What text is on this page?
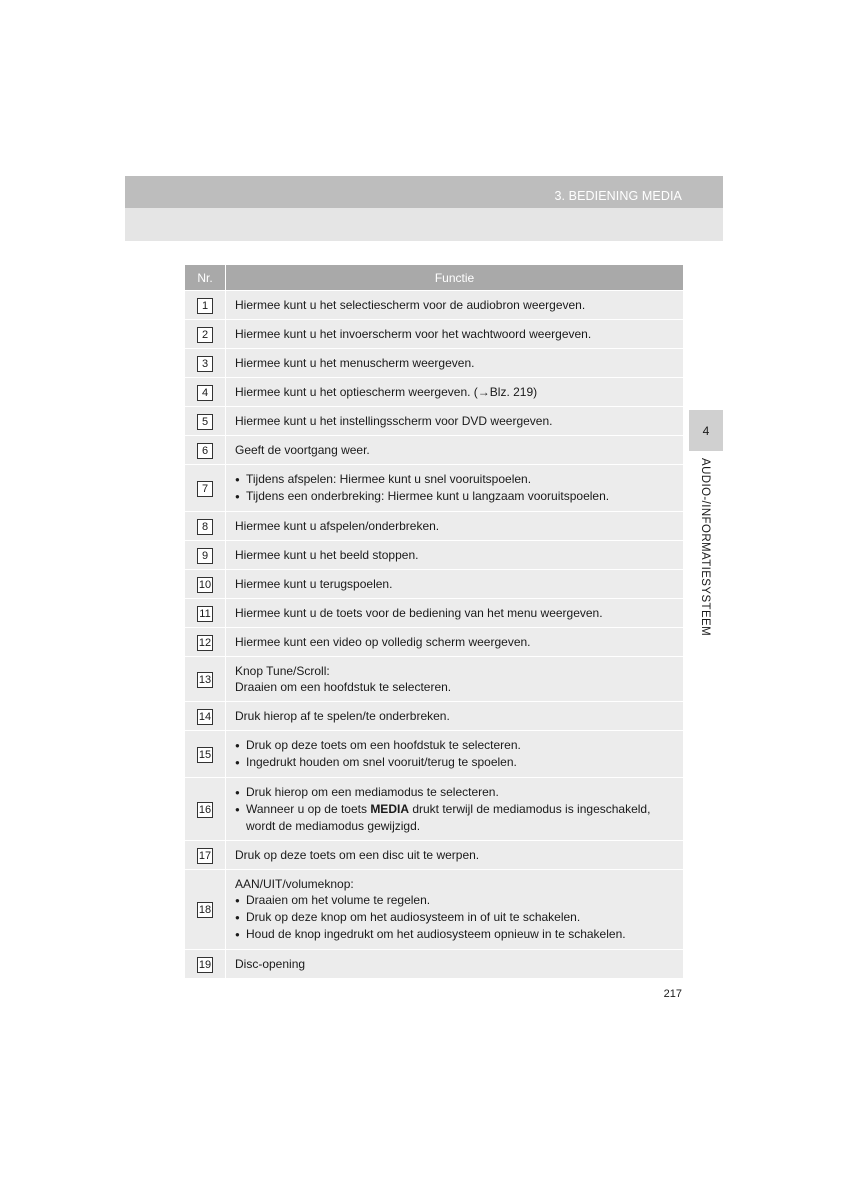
3. BEDIENING MEDIA
4
AUDIO-/INFORMATIESYSTEEM
Nr.	Functie
1	Hiermee kunt u het selectiescherm voor de audiobron weergeven.
2	Hiermee kunt u het invoerscherm voor het wachtwoord weergeven.
3	Hiermee kunt u het menuscherm weergeven.
4	Hiermee kunt u het optiescherm weergeven. (→Blz. 219)
5	Hiermee kunt u het instellingsscherm voor DVD weergeven.
6	Geeft de voortgang weer.
7	● Tijdens afspelen: Hiermee kunt u snel vooruitspoelen.
● Tijdens een onderbreking: Hiermee kunt u langzaam vooruitspoelen.

8	Hiermee kunt u afspelen/onderbreken.
9	Hiermee kunt u het beeld stoppen.
10	Hiermee kunt u terugspoelen.
11	Hiermee kunt u de toets voor de bediening van het menu weergeven.
12	Hiermee kunt een video op volledig scherm weergeven.
13	Knop Tune/Scroll:
Draaien om een hoofdstuk te selecteren.

14	Druk hierop af te spelen/te onderbreken.
15	● Druk op deze toets om een hoofdstuk te selecteren.
● Ingedrukt houden om snel vooruit/terug te spoelen.

16	● Druk hierop om een mediamodus te selecteren.
● Wanneer u op de toets MEDIA drukt terwijl de mediamodus is ingeschakeld, wordt de mediamodus gewijzigd.

17	Druk op deze toets om een disc uit te werpen.
18	AAN/UIT/volumeknop:
● Draaien om het volume te regelen.
● Druk op deze knop om het audiosysteem in of uit te schakelen.
● Houd de knop ingedrukt om het audiosysteem opnieuw in te schakelen.

19	Disc-opening
217
